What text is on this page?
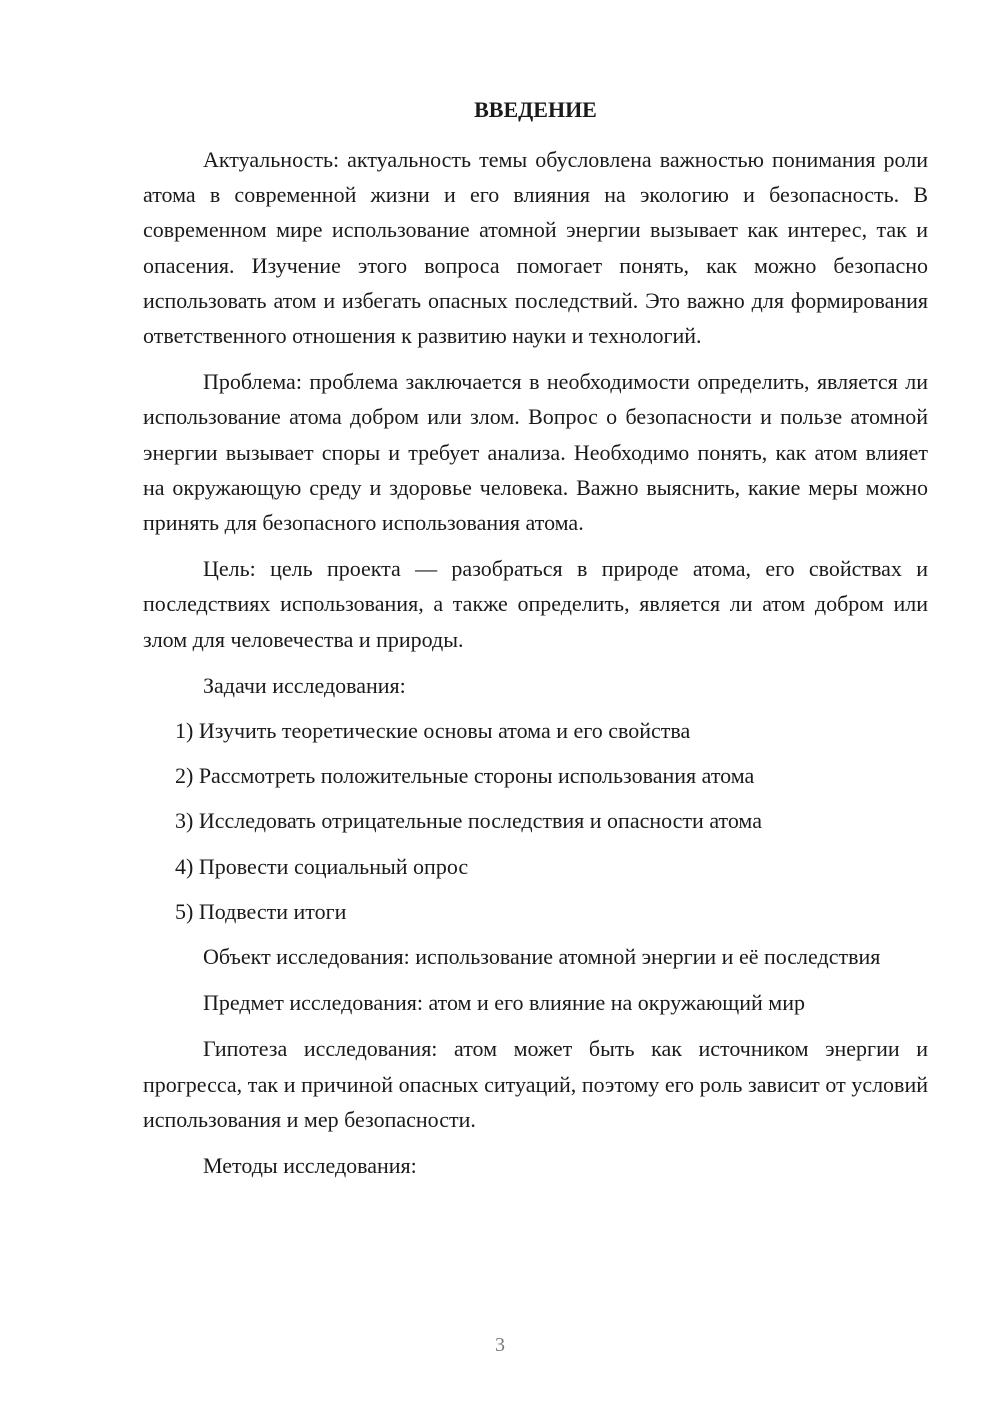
ВВЕДЕНИЕ

Актуальность: актуальность темы обусловлена важностью понимания роли атома в современной жизни и его влияния на экологию и безопасность. В современном мире использование атомной энергии вызывает как интерес, так и опасения. Изучение этого вопроса помогает понять, как можно безопасно использовать атом и избегать опасных последствий. Это важно для формирования ответственного отношения к развитию науки и технологий.

Проблема: проблема заключается в необходимости определить, является ли использование атома добром или злом. Вопрос о безопасности и пользе атомной энергии вызывает споры и требует анализа. Необходимо понять, как атом влияет на окружающую среду и здоровье человека. Важно выяснить, какие меры можно принять для безопасного использования атома.

Цель: цель проекта — разобраться в природе атома, его свойствах и последствиях использования, а также определить, является ли атом добром или злом для человечества и природы.

Задачи исследования:

1) Изучить теоретические основы атома и его свойства

2) Рассмотреть положительные стороны использования атома

3) Исследовать отрицательные последствия и опасности атома

4) Провести социальный опрос

5) Подвести итоги

Объект исследования: использование атомной энергии и её последствия

Предмет исследования: атом и его влияние на окружающий мир

Гипотеза исследования: атом может быть как источником энергии и прогресса, так и причиной опасных ситуаций, поэтому его роль зависит от условий использования и мер безопасности.

Методы исследования:

3
